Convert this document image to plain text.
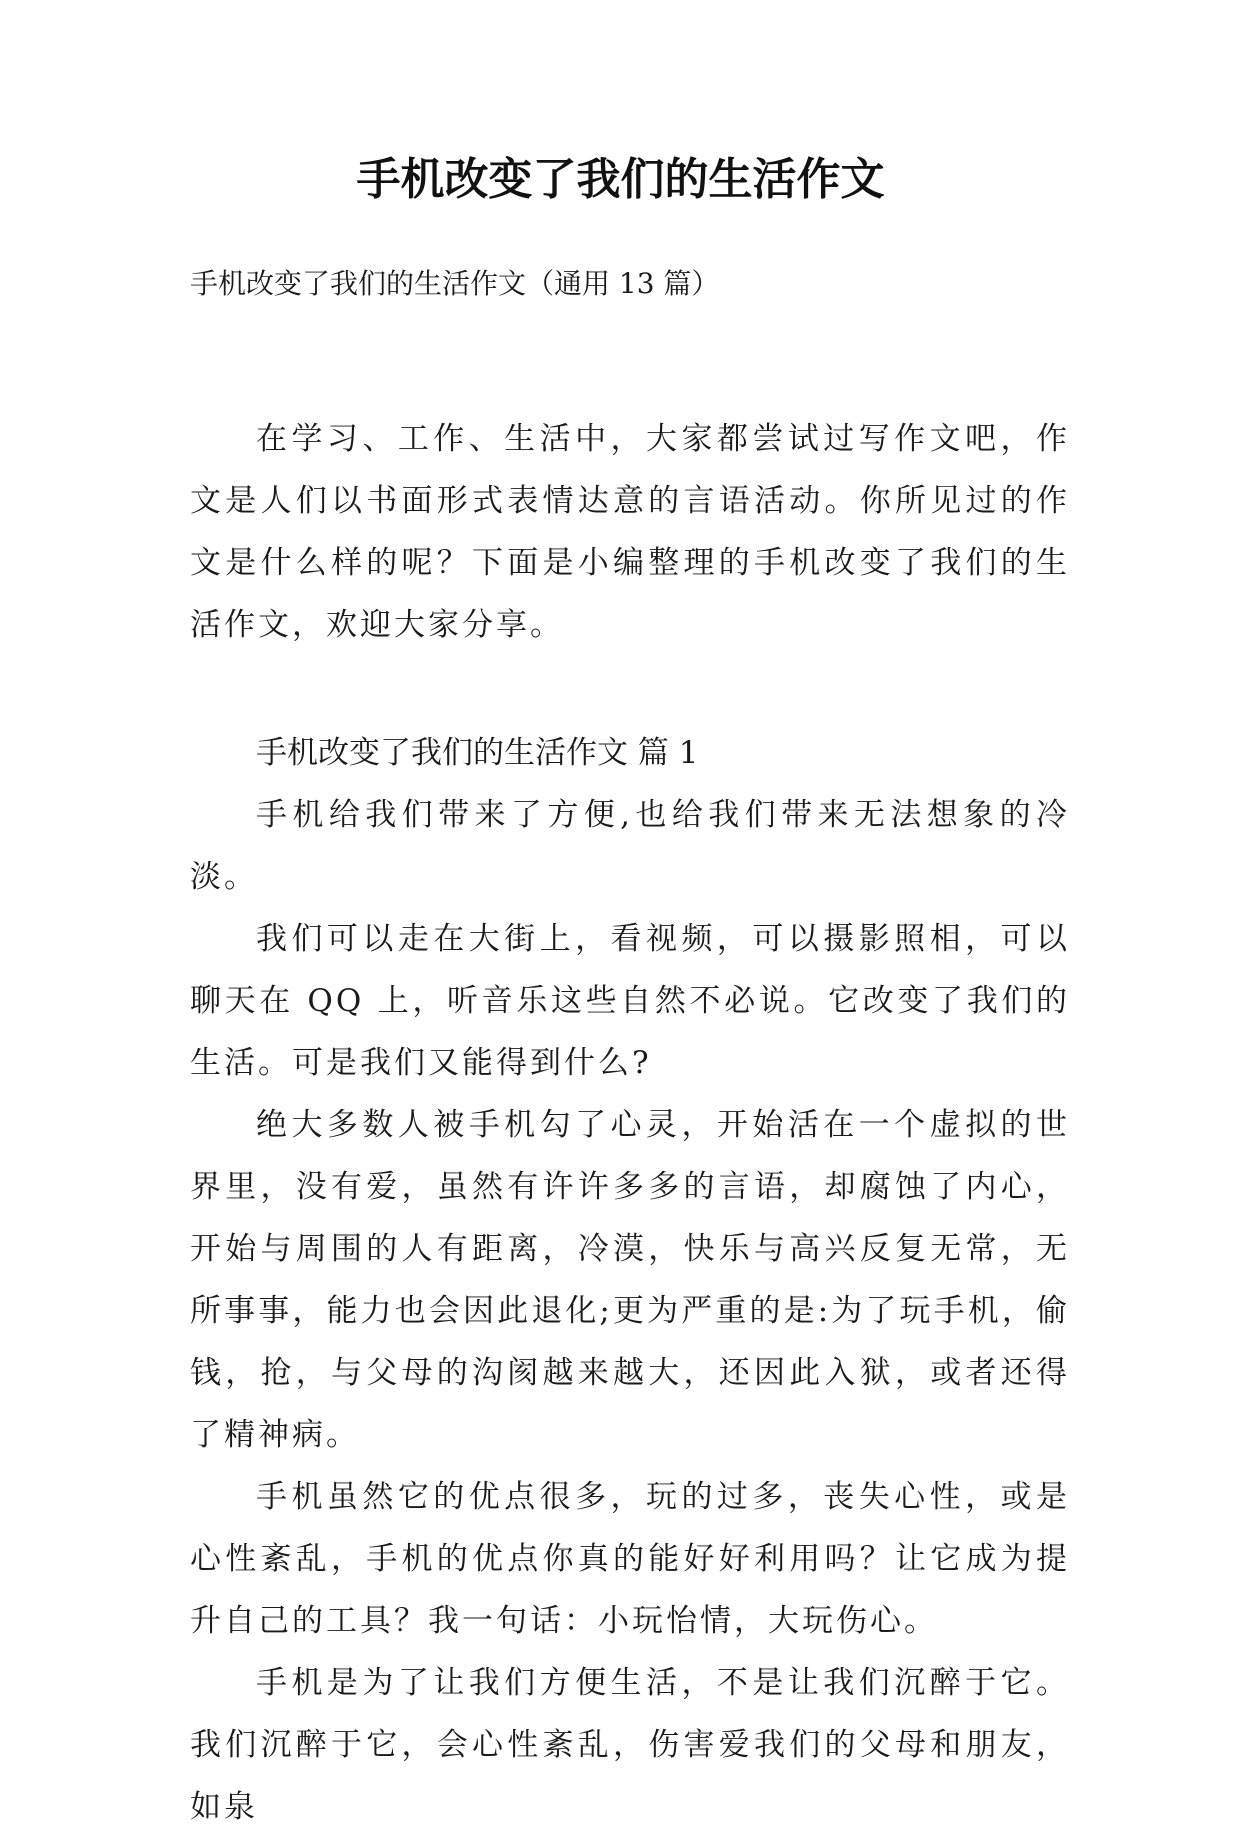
手机改变了我们的生活作文
手机改变了我们的生活作文（通用 13 篇）

在学习、工作、生活中，大家都尝试过写作文吧，作文是人们以书面形式表情达意的言语活动。你所见过的作文是什么样的呢？下面是小编整理的手机改变了我们的生活作文，欢迎大家分享。

手机改变了我们的生活作文 篇 1

手机给我们带来了方便,也给我们带来无法想象的冷淡。

我们可以走在大街上，看视频，可以摄影照相，可以聊天在 QQ 上，听音乐这些自然不必说。它改变了我们的生活。可是我们又能得到什么?

绝大多数人被手机勾了心灵，开始活在一个虚拟的世界里，没有爱，虽然有许许多多的言语，却腐蚀了内心，开始与周围的人有距离，冷漠，快乐与高兴反复无常，无所事事，能力也会因此退化;更为严重的是:为了玩手机，偷钱，抢，与父母的沟阂越来越大，还因此入狱，或者还得了精神病。

手机虽然它的优点很多，玩的过多，丧失心性，或是心性紊乱，手机的优点你真的能好好利用吗？让它成为提升自己的工具？我一句话：小玩怡情，大玩伤心。

手机是为了让我们方便生活，不是让我们沉醉于它。我们沉醉于它，会心性紊乱，伤害爱我们的父母和朋友，如泉
